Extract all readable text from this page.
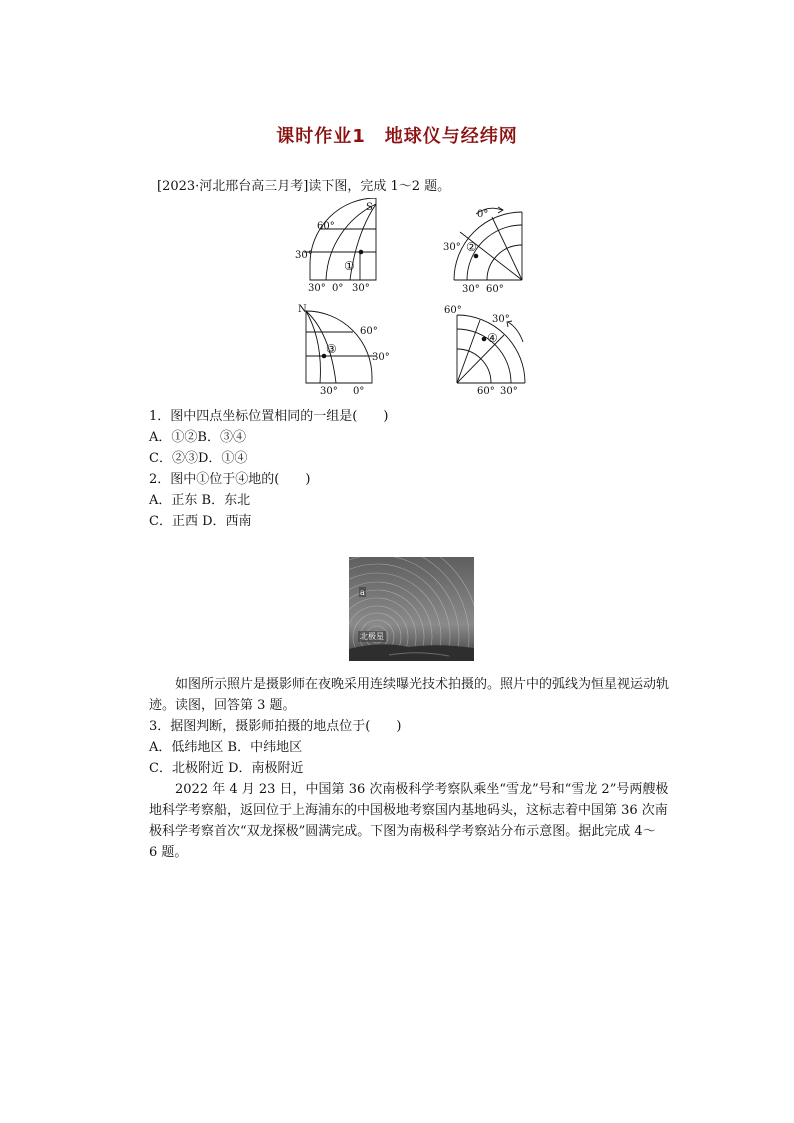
课时作业1　地球仪与经纬网
[2023·河北邢台高三月考]读下图，完成 1～2 题。
S
60°
30°
①
30° 0° 30°
0°
30° ②
30° 60°
N
60°
③
30°
30° 0°
60°
30°
④
60° 30°
1．图中四点坐标位置相同的一组是(　　)
A．①②B．③④
C．②③D．①④
2．图中①位于④地的(　　)
A．正东 B．东北
C．正西 D．西南
a
北极星
如图所示照片是摄影师在夜晚采用连续曝光技术拍摄的。照片中的弧线为恒星视运动轨
迹。读图，回答第 3 题。
3．据图判断，摄影师拍摄的地点位于(　　)
A．低纬地区 B．中纬地区
C．北极附近 D．南极附近
2022 年 4 月 23 日，中国第 36 次南极科学考察队乘坐“雪龙”号和“雪龙 2”号两艘极
地科学考察船，返回位于上海浦东的中国极地考察国内基地码头，这标志着中国第 36 次南
极科学考察首次“双龙探极”圆满完成。下图为南极科学考察站分布示意图。据此完成 4～
6 题。
